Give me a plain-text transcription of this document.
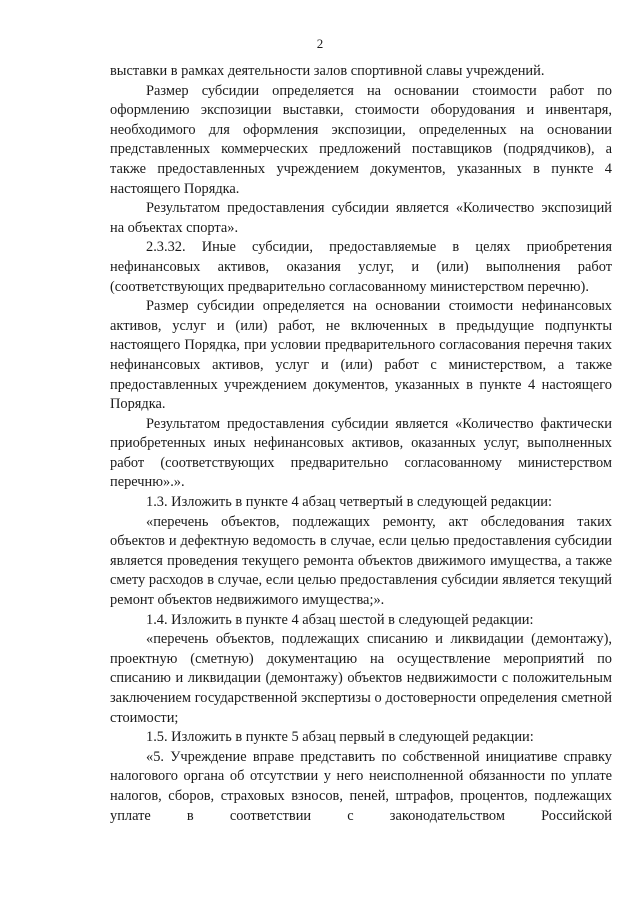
2

выставки в рамках деятельности залов спортивной славы учреждений.

Размер субсидии определяется на основании стоимости работ по оформлению экспозиции выставки, стоимости оборудования и инвентаря, необходимого для оформления экспозиции, определенных на основании представленных коммерческих предложений поставщиков (подрядчиков), а также предоставленных учреждением документов, указанных в пункте 4 настоящего Порядка.

Результатом предоставления субсидии является «Количество экспозиций на объектах спорта».

2.3.32. Иные субсидии, предоставляемые в целях приобретения нефинансовых активов, оказания услуг, и (или) выполнения работ (соответствующих предварительно согласованному министерством перечню).

Размер субсидии определяется на основании стоимости нефинансовых активов, услуг и (или) работ, не включенных в предыдущие подпункты настоящего Порядка, при условии предварительного согласования перечня таких нефинансовых активов, услуг и (или) работ с министерством, а также предоставленных учреждением документов, указанных в пункте 4 настоящего Порядка.

Результатом предоставления субсидии является «Количество фактически приобретенных иных нефинансовых активов, оказанных услуг, выполненных работ (соответствующих предварительно согласованному министерством перечню».».

1.3. Изложить в пункте 4 абзац четвертый в следующей редакции:

«перечень объектов, подлежащих ремонту, акт обследования таких объектов и дефектную ведомость в случае, если целью предоставления субсидии является проведения текущего ремонта объектов движимого имущества, а также смету расходов в случае, если целью предоставления субсидии является текущий ремонт объектов недвижимого имущества;».

1.4. Изложить в пункте 4 абзац шестой в следующей редакции:

«перечень объектов, подлежащих списанию и ликвидации (демонтажу), проектную (сметную) документацию на осуществление мероприятий по списанию и ликвидации (демонтажу) объектов недвижимости с положительным заключением государственной экспертизы о достоверности определения сметной стоимости;

1.5. Изложить в пункте 5 абзац первый в следующей редакции:

«5. Учреждение вправе представить по собственной инициативе справку налогового органа об отсутствии у него неисполненной обязанности по уплате налогов, сборов, страховых взносов, пеней, штрафов, процентов, подлежащих уплате в соответствии с законодательством Российской
